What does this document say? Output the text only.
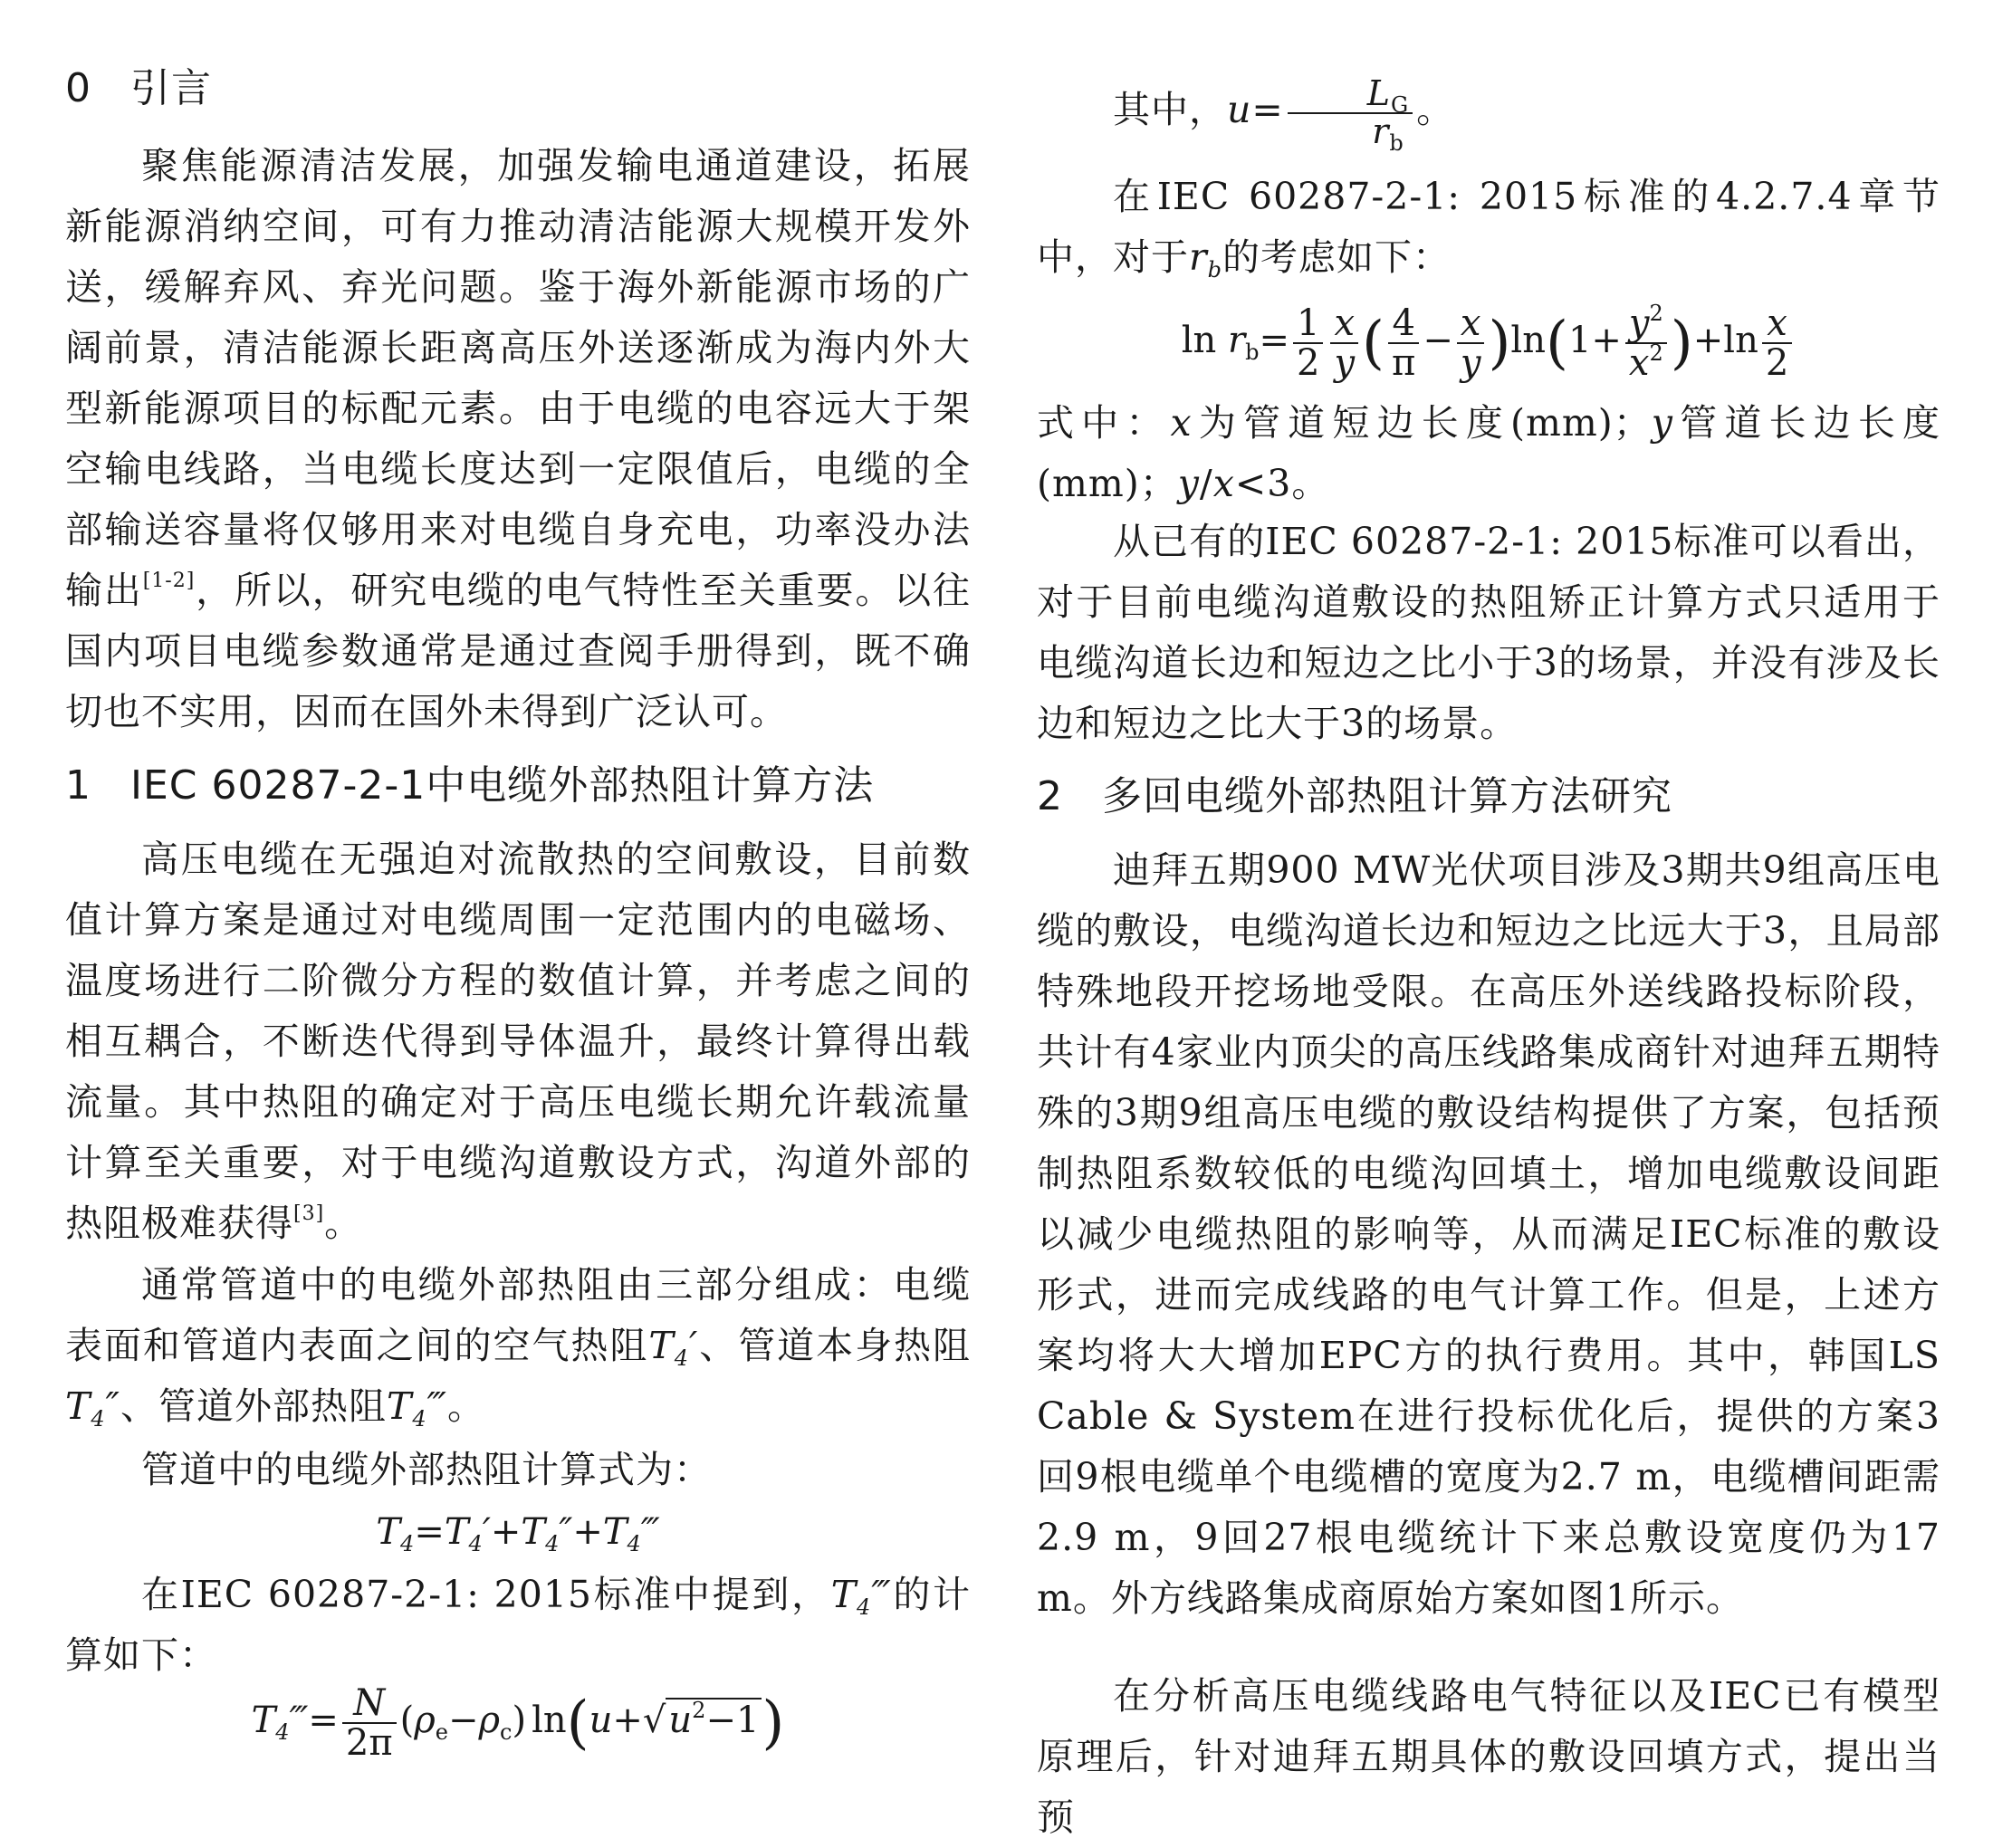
0 引言
聚焦能源清洁发展，加强发输电通道建设，拓展新能源消纳空间，可有力推动清洁能源大规模开发外送，缓解弃风、弃光问题。鉴于海外新能源市场的广阔前景，清洁能源长距离高压外送逐渐成为海内外大型新能源项目的标配元素。由于电缆的电容远大于架空输电线路，当电缆长度达到一定限值后，电缆的全部输送容量将仅够用来对电缆自身充电，功率没办法输出[1-2]，所以，研究电缆的电气特性至关重要。以往国内项目电缆参数通常是通过查阅手册得到，既不确切也不实用，因而在国外未得到广泛认可。
1 IEC 60287-2-1中电缆外部热阻计算方法
高压电缆在无强迫对流散热的空间敷设，目前数值计算方案是通过对电缆周围一定范围内的电磁场、温度场进行二阶微分方程的数值计算，并考虑之间的相互耦合，不断迭代得到导体温升，最终计算得出载流量。其中热阻的确定对于高压电缆长期允许载流量计算至关重要，对于电缆沟道敷设方式，沟道外部的热阻极难获得[3]。
通常管道中的电缆外部热阻由三部分组成：电缆表面和管道内表面之间的空气热阻$T_4'$、管道本身热阻$T_4''$、管道外部热阻$T_4‴$。
管道中的电缆外部热阻计算式为：
$T_4=T_4'+T_4''+T_4‴$
在IEC 60287-2-1: 2015标准中提到，$T_4‴$的计算如下：
$T_4‴= \frac{N}{2\pi} (\rho_e-\rho_c)$ $\ln(u+√u^2-1)$
其中，$u= \frac{L_G}{r_b}$ 。
在IEC 60287-2-1: 2015标准的4.2.7.4章节中，对于$r_b$的考虑如下：
$\ln r_b= \frac{1}{2} \frac{x}{y}$ ( $\frac{4}{\pi} - \frac{x}{y} )\ln(1+ \frac{y^2}{x^2} )+\ln \frac{x}{2}$
式中：x为管道短边长度(mm)；y管道长边长度(mm)；y/x<3。
从已有的IEC 60287-2-1: 2015标准可以看出，对于目前电缆沟道敷设的热阻矫正计算方式只适用于电缆沟道长边和短边之比小于3的场景，并没有涉及长边和短边之比大于3的场景。
2 多回电缆外部热阻计算方法研究
迪拜五期900 MW光伏项目涉及3期共9组高压电缆的敷设，电缆沟道长边和短边之比远大于3，且局部特殊地段开挖场地受限。在高压外送线路投标阶段，共计有4家业内顶尖的高压线路集成商针对迪拜五期特殊的3期9组高压电缆的敷设结构提供了方案，包括预制热阻系数较低的电缆沟回填土，增加电缆敷设间距以减少电缆热阻的影响等，从而满足IEC标准的敷设形式，进而完成线路的电气计算工作。但是，上述方案均将大大增加EPC方的执行费用。其中，韩国LS Cable & System在进行投标优化后，提供的方案3回9根电缆单个电缆槽的宽度为2.7 m，电缆槽间距需2.9 m，9回27根电缆统计下来总敷设宽度仍为17 m。外方线路集成商原始方案如图1所示。
在分析高压电缆线路电气特征以及IEC已有模型原理后，针对迪拜五期具体的敷设回填方式，提出当预
